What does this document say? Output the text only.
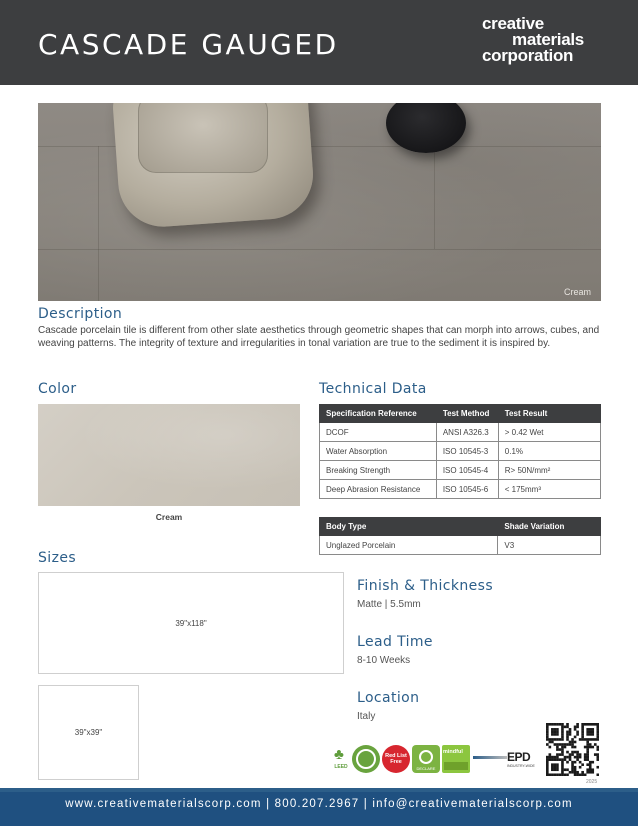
CASCADE GAUGED
creative
materials
corporation
Cream
Description

Cascade porcelain tile is different from other slate aesthetics through geometric shapes that can morph into arrows, cubes, and weaving patterns. The integrity of texture and irregularities in tonal variation are true to the sediment it is inspired by.

Color
Cream
Technical Data
Specification Reference	Test Method	Test Result
DCOF	ANSI A326.3	> 0.42 Wet
Water Absorption	ISO 10545-3	0.1%
Breaking Strength	ISO 10545-4	R> 50N/mm²
Deep Abrasion Resistance	ISO 10545-6	< 175mm³
Body Type	Shade Variation
Unglazed Porcelain	V3
Sizes
39"x118"
39"x39"
Finish & Thickness
Matte | 5.5mm
Lead Time
8-10 Weeks
Location
Italy
♣
LEED
Red List Free
DECLARE
mindful	EPD
INDUSTRY-WIDE
2025
www.creativematerialscorp.com | 800.207.2967 | info@creativematerialscorp.com
